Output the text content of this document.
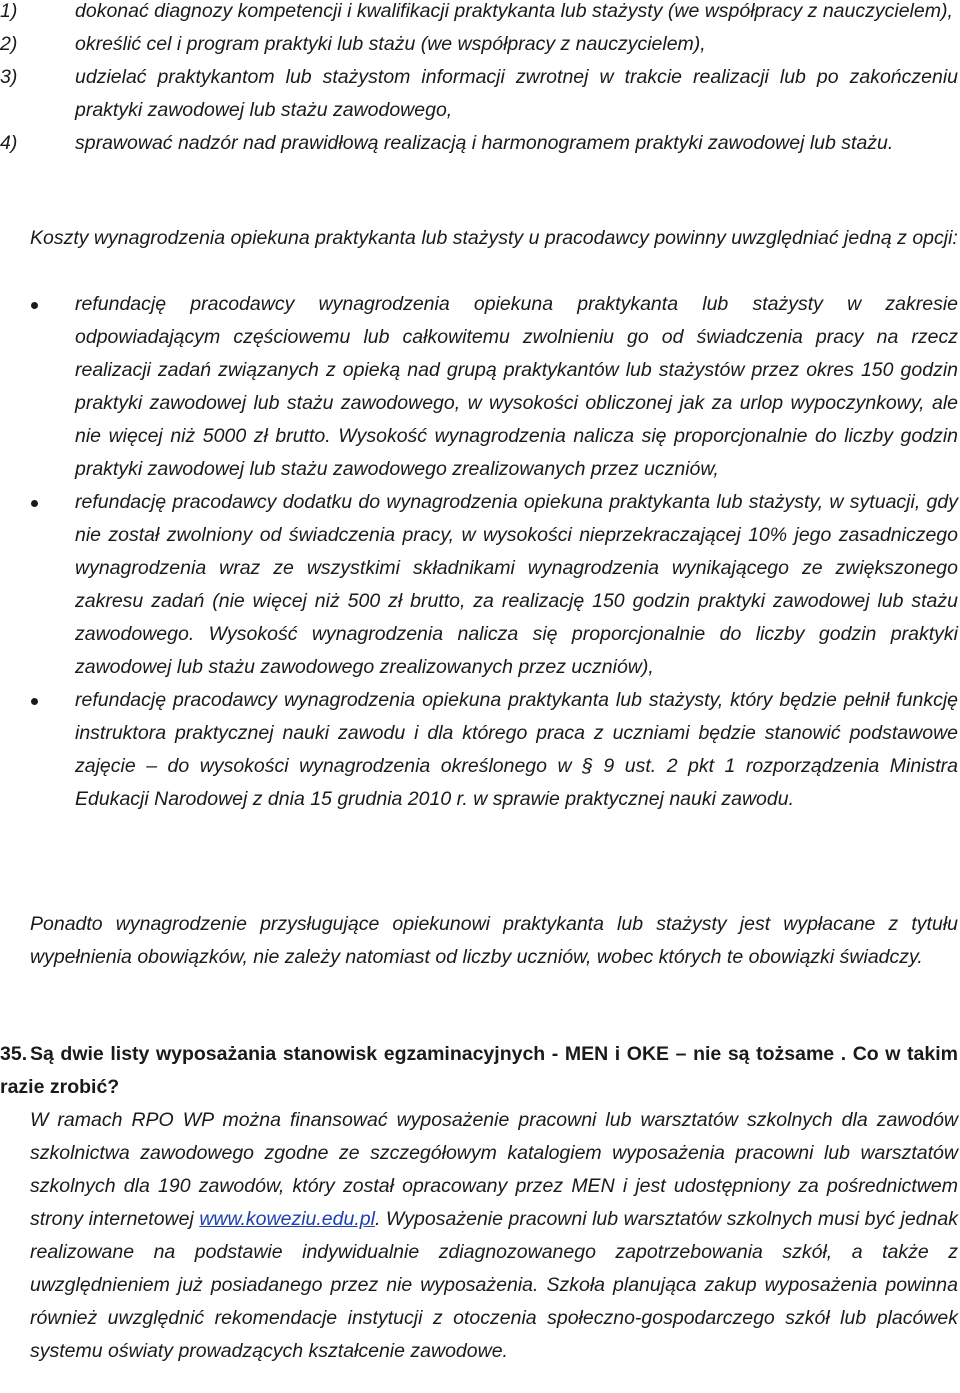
1)	dokonać diagnozy kompetencji i kwalifikacji praktykanta lub stażysty (we współpracy z nauczycielem),
2)	określić cel i program praktyki lub stażu (we współpracy z nauczycielem),
3)	udzielać praktykantom lub stażystom informacji zwrotnej w trakcie realizacji lub po zakończeniu praktyki zawodowej lub stażu zawodowego,
4)	sprawować nadzór nad prawidłową realizacją i harmonogramem praktyki zawodowej lub stażu.
Koszty wynagrodzenia opiekuna praktykanta lub stażysty u pracodawcy powinny uwzględniać jedną z opcji:
refundację pracodawcy wynagrodzenia opiekuna praktykanta lub stażysty w zakresie odpowiadającym częściowemu lub całkowitemu zwolnieniu go od świadczenia pracy na rzecz realizacji zadań związanych z opieką nad grupą praktykantów lub stażystów przez okres 150 godzin praktyki zawodowej lub stażu zawodowego, w wysokości obliczonej jak za urlop wypoczynkowy, ale nie więcej niż 5000 zł brutto. Wysokość wynagrodzenia nalicza się proporcjonalnie do liczby godzin praktyki zawodowej lub stażu zawodowego zrealizowanych przez uczniów,
refundację pracodawcy dodatku do wynagrodzenia opiekuna praktykanta lub stażysty, w sytuacji, gdy nie został zwolniony od świadczenia pracy, w wysokości nieprzekraczającej 10% jego zasadniczego wynagrodzenia wraz ze wszystkimi składnikami wynagrodzenia wynikającego ze zwiększonego zakresu zadań (nie więcej niż 500 zł brutto, za realizację 150 godzin praktyki zawodowej lub stażu zawodowego. Wysokość wynagrodzenia nalicza się proporcjonalnie do liczby godzin praktyki zawodowej lub stażu zawodowego zrealizowanych przez uczniów),
refundację pracodawcy wynagrodzenia opiekuna praktykanta lub stażysty, który będzie pełnił funkcję instruktora praktycznej nauki zawodu i dla którego praca z uczniami będzie stanowić podstawowe zajęcie – do wysokości wynagrodzenia określonego w § 9 ust. 2 pkt 1 rozporządzenia Ministra Edukacji Narodowej z dnia 15 grudnia 2010 r. w sprawie praktycznej nauki zawodu.
Ponadto wynagrodzenie przysługujące opiekunowi praktykanta lub stażysty jest wypłacane z tytułu wypełnienia obowiązków, nie zależy natomiast od liczby uczniów, wobec których te obowiązki świadczy.
35. Są dwie listy wyposażania stanowisk egzaminacyjnych - MEN i OKE – nie są tożsame . Co w takim razie zrobić?
W ramach RPO WP można finansować wyposażenie pracowni lub warsztatów szkolnych dla zawodów szkolnictwa zawodowego zgodne ze szczegółowym katalogiem wyposażenia pracowni lub warsztatów szkolnych dla 190 zawodów, który został opracowany przez MEN i jest udostępniony za pośrednictwem strony internetowej www.koweziu.edu.pl. Wyposażenie pracowni lub warsztatów szkolnych musi być jednak realizowane na podstawie indywidualnie zdiagnozowanego zapotrzebowania szkół, a także z uwzględnieniem już posiadanego przez nie wyposażenia. Szkoła planująca zakup wyposażenia powinna również uwzględnić rekomendacje instytucji z otoczenia społeczno-gospodarczego szkół lub placówek systemu oświaty prowadzących kształcenie zawodowe.
